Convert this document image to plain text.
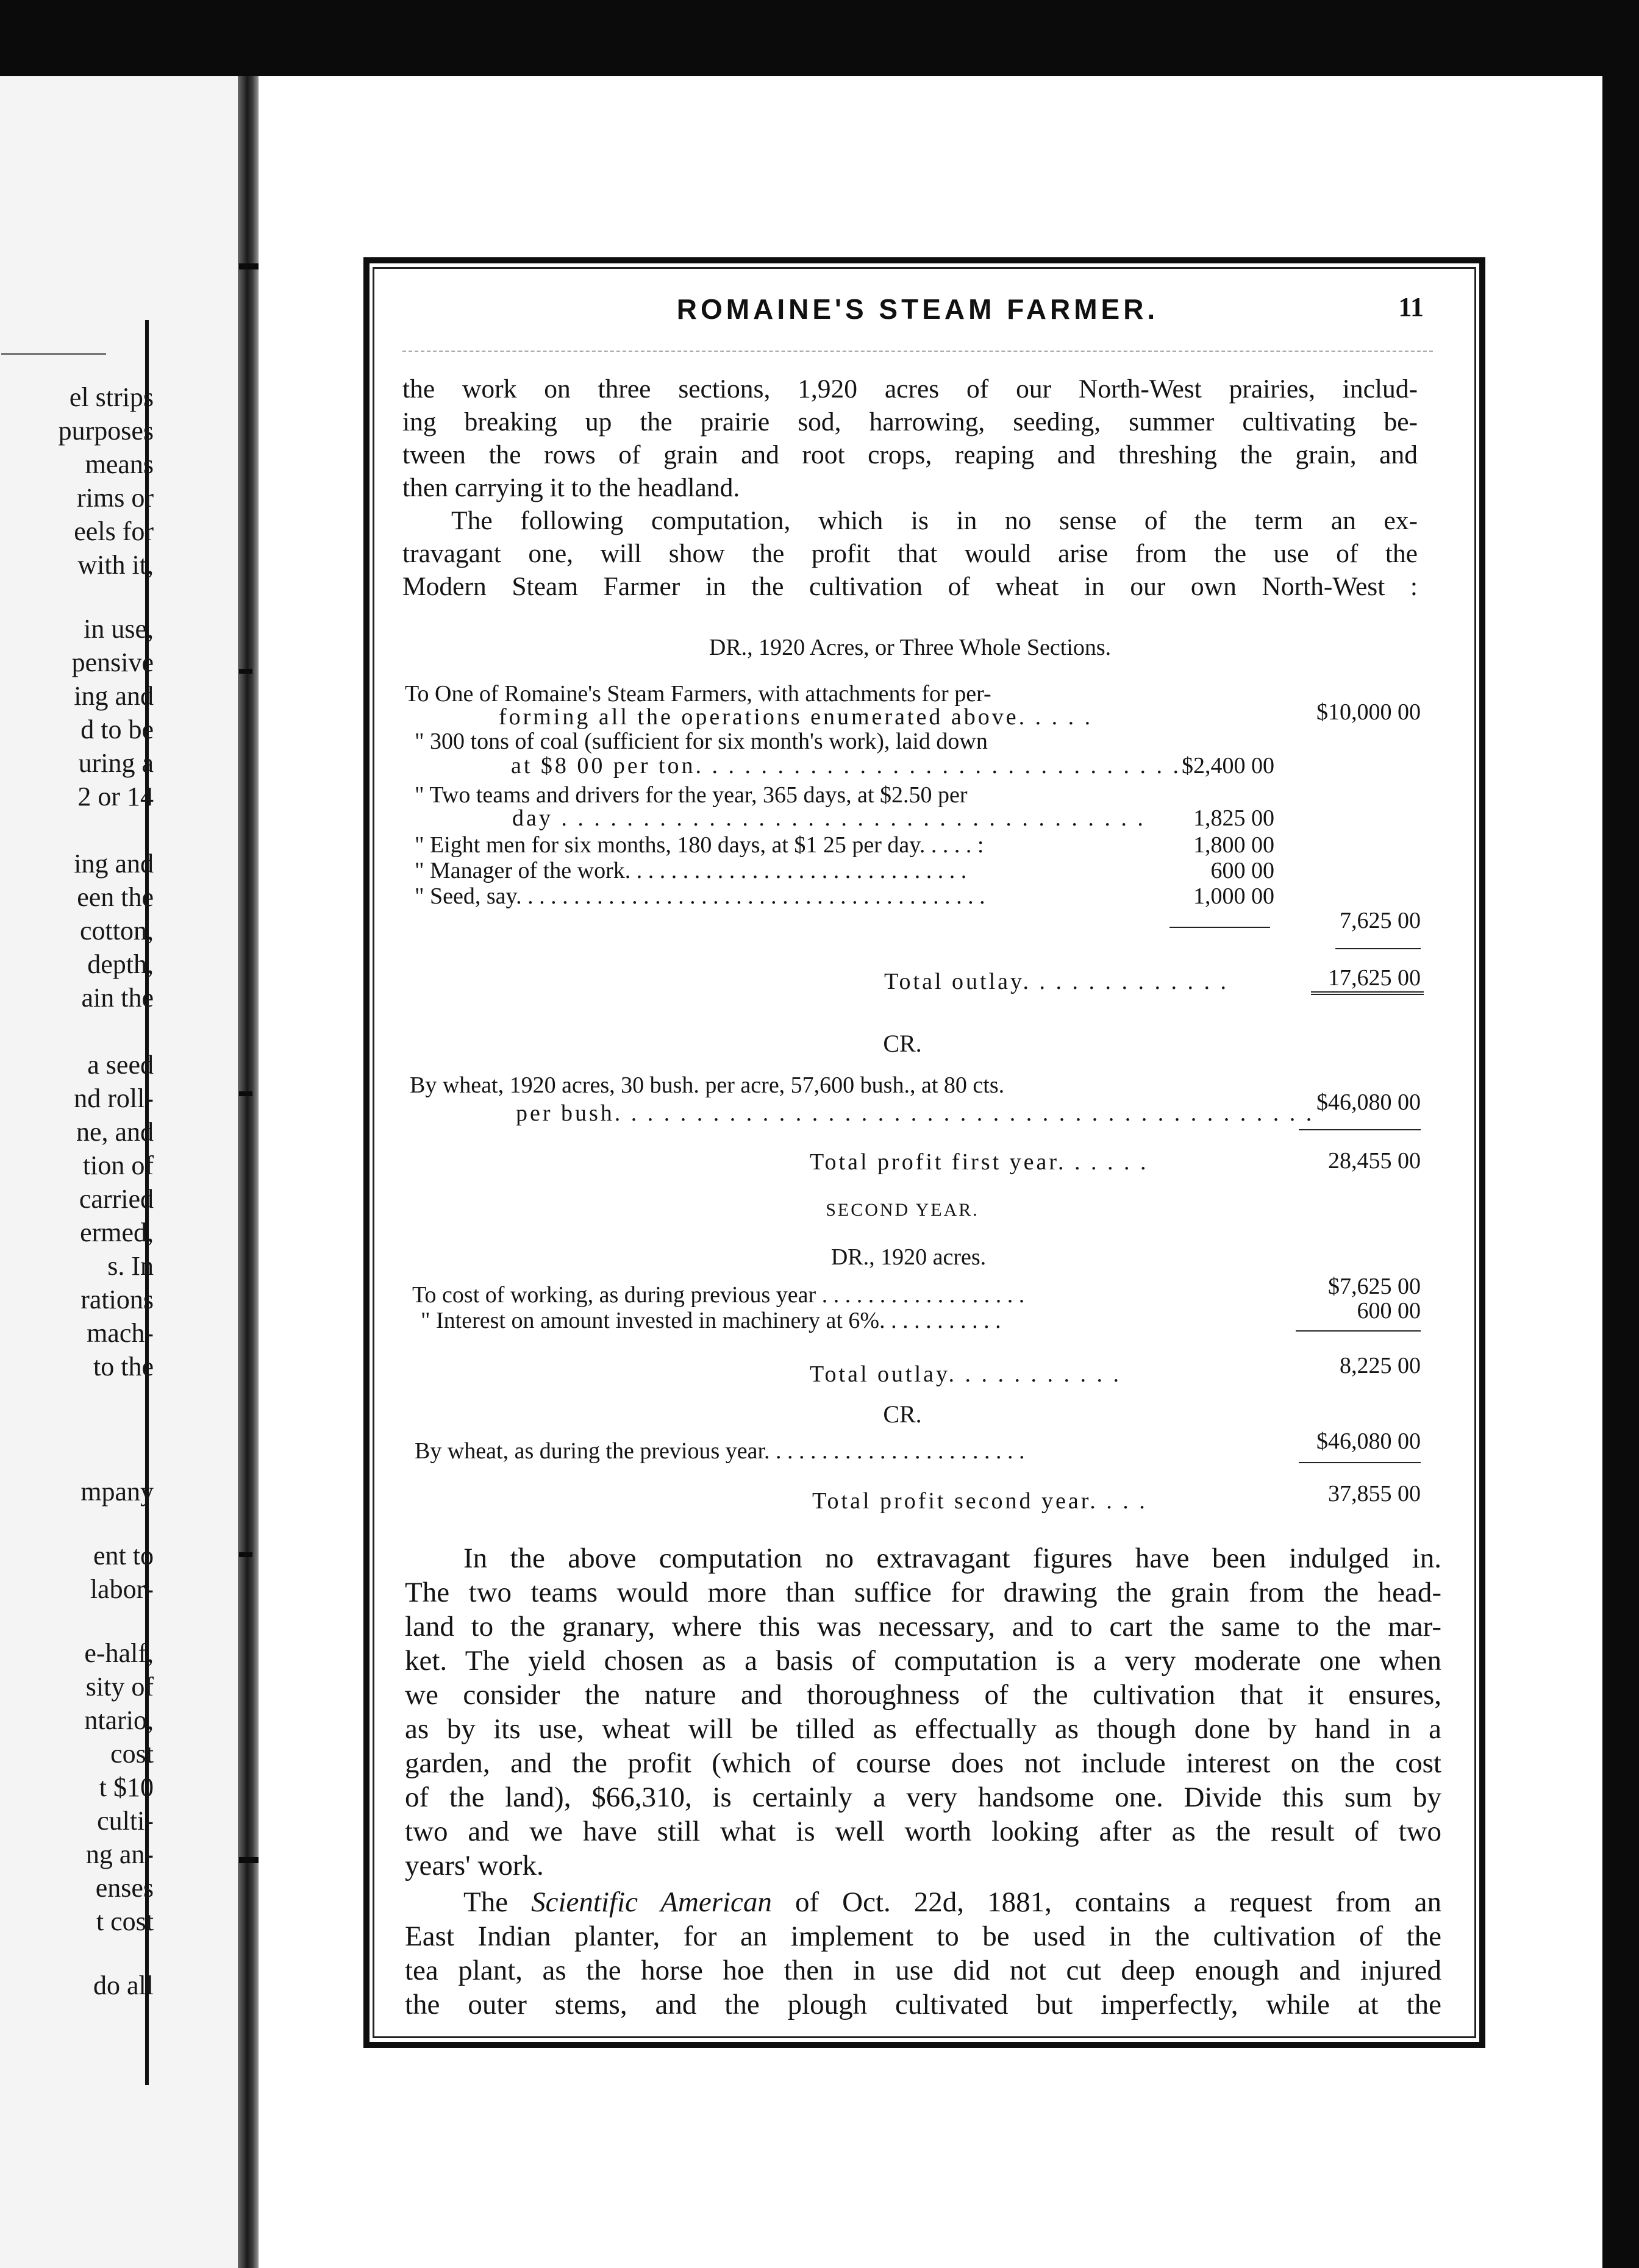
el strips
purposes
means
rims or
eels for
with it,
in use,
pensive
ing and
d to be
uring a
2 or 14
ing and
een the
cotton,
depth,
ain the
a seed
nd roll-
ne, and
tion of
carried
ermed,
s. In
rations
mach-
to the
mpany
ent to
labor-
e-half,
sity of
ntario,
cost
t $10
culti-
ng an-
enses
t cost
do all
ROMAINE'S STEAM FARMER.	11
the work on three sections, 1,920 acres of our North-West prairies, includ-
ing breaking up the prairie sod, harrowing, seeding, summer cultivating be-
tween the rows of grain and root crops, reaping and threshing the grain, and
then carrying it to the headland.
The following computation, which is in no sense of the term an ex-
travagant one, will show the profit that would arise from the use of the
Modern Steam Farmer in the cultivation of wheat in our own North-West :
DR., 1920 Acres, or Three Whole Sections.
To One of Romaine's Steam Farmers, with attachments for per-
forming all the operations enumerated above. . . . .	$10,000 00
" 300 tons of coal (sufficient for six month's work), laid down
at $8 00 per ton. . . . . . . . . . . . . . . . . . . . . . . . . . . . . . $2,400 00
" Two teams and drivers for the year, 365 days, at $2.50 per
day . . . . . . . . . . . . . . . . . . . . . . . . . . . . . . . . . . . .	1,825 00
" Eight men for six months, 180 days, at $1 25 per day. . . . . :	1,800 00
" Manager of the work. . . . . . . . . . . . . . . . . . . . . . . . . . . . . .	600 00
" Seed, say. . . . . . . . . . . . . . . . . . . . . . . . . . . . . . . . . . . . . . . . .	1,000 00
7,625 00
Total outlay. . . . . . . . . . . . .	17,625 00
CR.
By wheat, 1920 acres, 30 bush. per acre, 57,600 bush., at 80 cts.
per bush. . . . . . . . . . . . . . . . . . . . . . . . . . . . . . . . . . . . . . . . . . . $46,080 00
Total profit first year. . . . . .	28,455 00
SECOND YEAR.
DR., 1920 acres.
To cost of working, as during previous year . . . . . . . . . . . . . . . . . .	$7,625 00
" Interest on amount invested in machinery at 6%. . . . . . . . . . .	600 00
Total outlay. . . . . . . . . . .	8,225 00
CR.
By wheat, as during the previous year. . . . . . . . . . . . . . . . . . . . . . .	$46,080 00
Total profit second year. . . .	37,855 00
In the above computation no extravagant figures have been indulged in.
The two teams would more than suffice for drawing the grain from the head-
land to the granary, where this was necessary, and to cart the same to the mar-
ket. The yield chosen as a basis of computation is a very moderate one when
we consider the nature and thoroughness of the cultivation that it ensures,
as by its use, wheat will be tilled as effectually as though done by hand in a
garden, and the profit (which of course does not include interest on the cost
of the land), $66,310, is certainly a very handsome one. Divide this sum by
two and we have still what is well worth looking after as the result of two
years' work.
The Scientific American of Oct. 22d, 1881, contains a request from an
East Indian planter, for an implement to be used in the cultivation of the
tea plant, as the horse hoe then in use did not cut deep enough and injured
the outer stems, and the plough cultivated but imperfectly, while at the
